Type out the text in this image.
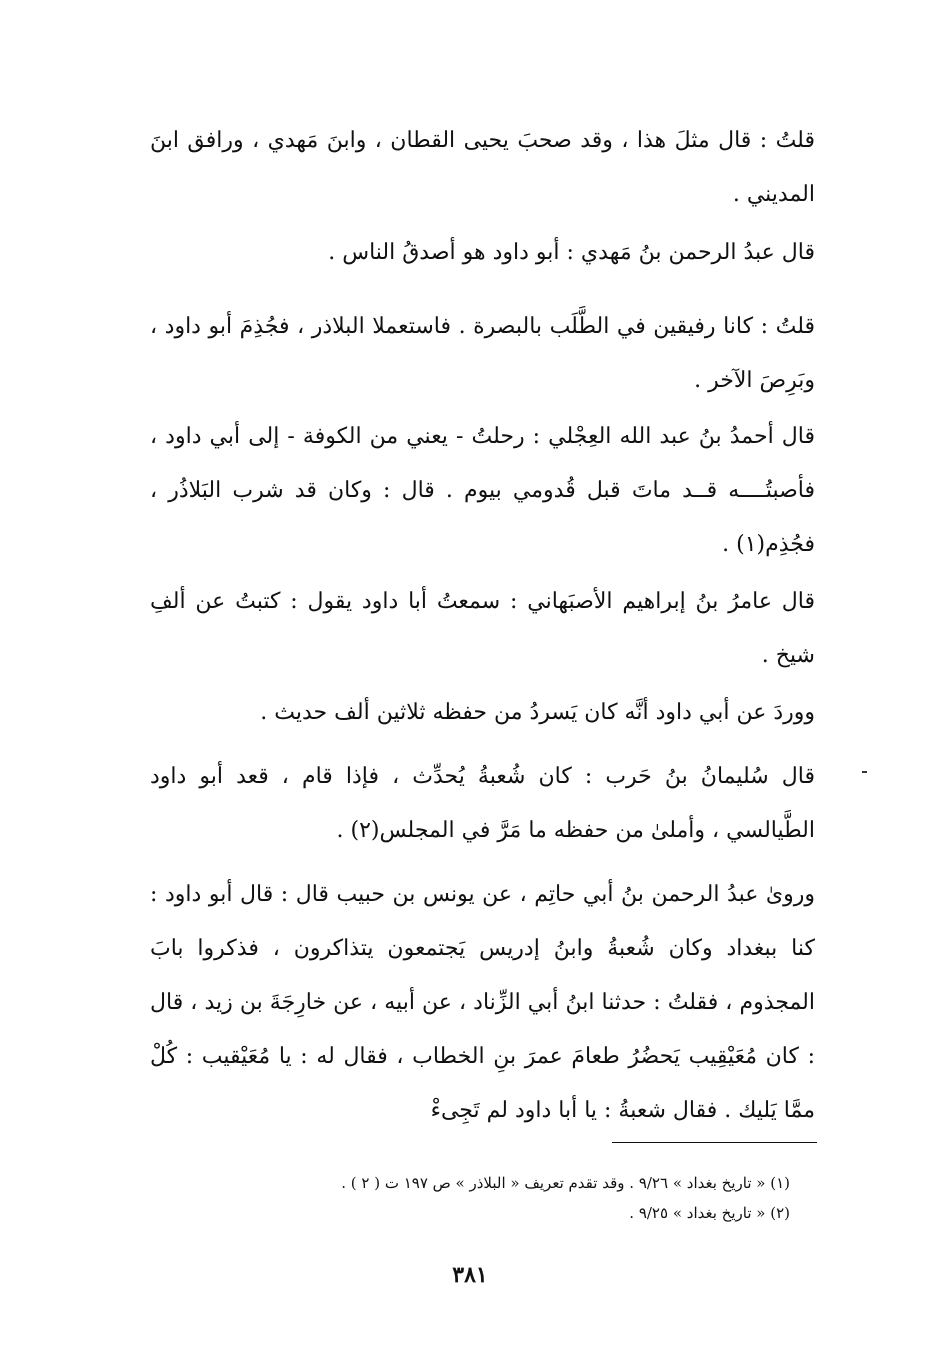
قلتُ : قال مثلَ هذا ، وقد صحبَ يحيى القطان ، وابنَ مَهدي ، ورافق ابنَ المديني .

قال عبدُ الرحمن بنُ مَهدي : أبو داود هو أصدقُ الناس .

قلتُ : كانا رفيقين في الطَّلَب بالبصرة . فاستعملا البلاذر ، فجُذِمَ أبو داود ، وبَرِصَ الآخر .

قال أحمدُ بنُ عبد الله العِجْلي : رحلتُ - يعني من الكوفة - إلى أبي داود ، فأصبتُــــه قــد ماتَ قبل قُدومي بيوم . قال : وكان قد شرب البَلاذُر ، فجُذِم(١) .

قال عامرُ بنُ إبراهيم الأصبَهاني : سمعتُ أبا داود يقول : كتبتُ عن ألفِ شيخ .

ووردَ عن أبي داود أنَّه كان يَسردُ من حفظه ثلاثين ألف حديث .

قال سُليمانُ بنُ حَرب : كان شُعبةُ يُحدِّث ، فإذا قام ، قعد أبو داود الطَّيالسي ، وأملىٰ من حفظه ما مَرَّ في المجلس(٢) .

وروىٰ عبدُ الرحمن بنُ أبي حاتِم ، عن يونس بن حبيب قال : قال أبو داود : كنا ببغداد وكان شُعبةُ وابنُ إدريس يَجتمعون يتذاكرون ، فذكروا بابَ المجذوم ، فقلتُ : حدثنا ابنُ أبي الزِّناد ، عن أبيه ، عن خارِجَةَ بن زيد ، قال : كان مُعَيْقِيب يَحضُرُ طعامَ عمرَ بنِ الخطاب ، فقال له : يا مُعَيْقيب : كُلْ ممَّا يَليك . فقال شعبةُ : يا أبا داود لم تَجِىءْ

(١) « تاريخ بغداد » ٩/٢٦ . وقد تقدم تعريف « البلاذر » ص ١٩٧ ت ( ٢ ) .

(٢) « تاريخ بغداد » ٩/٢٥ .

٣٨١
